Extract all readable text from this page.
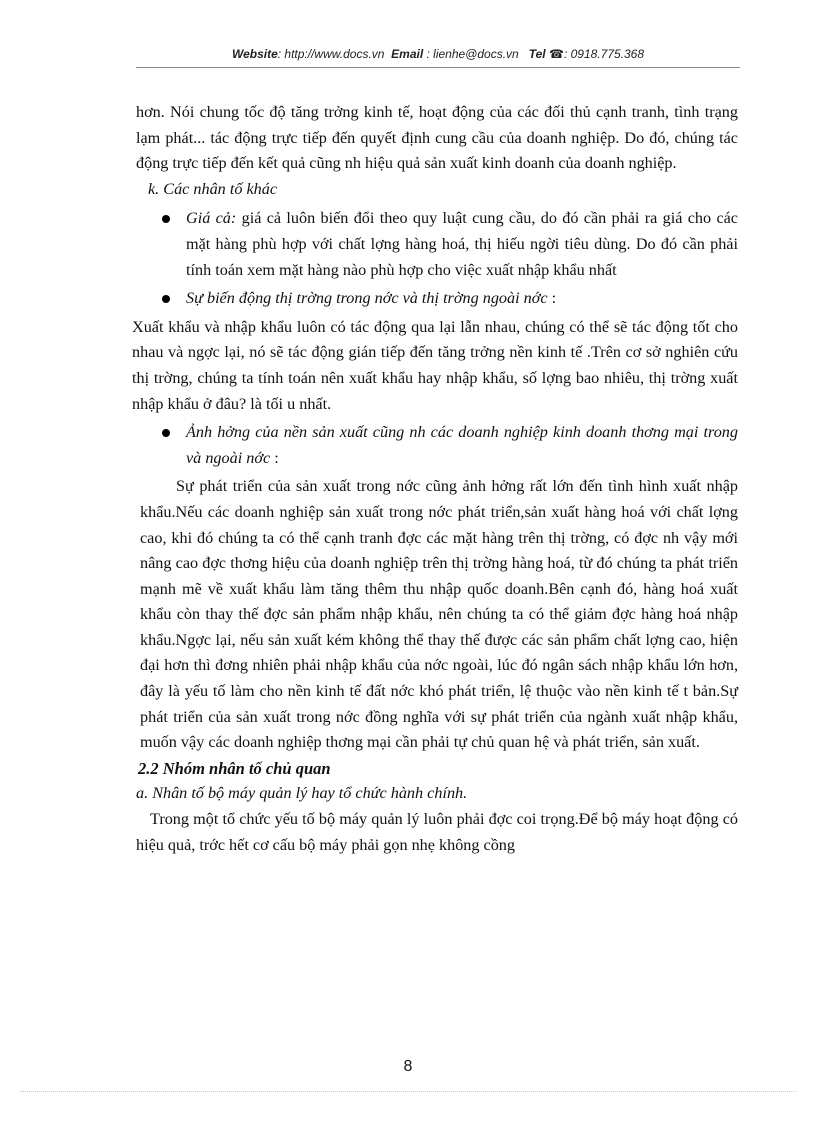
Website: http://www.docs.vn Email : lienhe@docs.vn Tel ☎: 0918.775.368

hơn. Nói chung tốc độ tăng trởng kinh tế, hoạt động của các đối thủ cạnh tranh, tình trạng lạm phát... tác động trực tiếp đến quyết định cung cầu của doanh nghiệp. Do đó, chúng tác động trực tiếp đến kết quả cũng nh hiệu quả sản xuất kinh doanh của doanh nghiệp.

k. Các nhân tố khác

Giá cả: giá cả luôn biến đổi theo quy luật cung cầu, do đó cần phải ra giá cho các mặt hàng phù hợp với chất lợng hàng hoá, thị hiếu ngời tiêu dùng. Do đó cần phải tính toán xem mặt hàng nào phù hợp cho việc xuất nhập khẩu nhất
Sự biến động thị trờng trong nớc và thị trờng ngoài nớc :

Xuất khẩu và nhập khẩu luôn có tác động qua lại lẫn nhau, chúng có thể sẽ tác động tốt cho nhau và ngợc lại, nó sẽ tác động gián tiếp đến tăng trởng nền kinh tế .Trên cơ sở nghiên cứu thị trờng, chúng ta tính toán nên xuất khẩu hay nhập khẩu, số lợng bao nhiêu, thị trờng xuất nhập khẩu ở đâu? là tối u nhất.

Ảnh hởng của nền sản xuất cũng nh các doanh nghiệp kinh doanh thơng mại trong và ngoài nớc :

Sự phát triển của sản xuất trong nớc cũng ảnh hởng rất lớn đến tình hình xuất nhập khẩu.Nếu các doanh nghiệp sản xuất trong nớc phát triển,sản xuất hàng hoá với chất lợng cao, khi đó chúng ta có thể cạnh tranh đợc các mặt hàng trên thị trờng, có đợc nh vậy mới nâng cao đợc thơng hiệu của doanh nghiệp trên thị trờng hàng hoá, từ đó chúng ta phát triển mạnh mẽ về xuất khẩu làm tăng thêm thu nhập quốc doanh.Bên cạnh đó, hàng hoá xuất khẩu còn thay thế đợc sản phẩm nhập khẩu, nên chúng ta có thể giảm đợc hàng hoá nhập khẩu.Ngợc lại, nếu sản xuất kém không thể thay thế được các sản phẩm chất lợng cao, hiện đại hơn thì đơng nhiên phải nhập khẩu của nớc ngoài, lúc đó ngân sách nhập khẩu lớn hơn, đây là yếu tố làm cho nền kinh tế đất nớc khó phát triển, lệ thuộc vào nền kinh tế t bản.Sự phát triển của sản xuất trong nớc đồng nghĩa với sự phát triển của ngành xuất nhập khẩu, muốn vậy các doanh nghiệp thơng mại cần phải tự chủ quan hệ và phát triển, sản xuất.

2.2 Nhóm nhân tố chủ quan

a. Nhân tố bộ máy quản lý hay tổ chức hành chính.

Trong một tổ chức yếu tố bộ máy quản lý luôn phải đợc coi trọng.Để bộ máy hoạt động có hiệu quả, trớc hết cơ cấu bộ máy phải gọn nhẹ không cồng

8
